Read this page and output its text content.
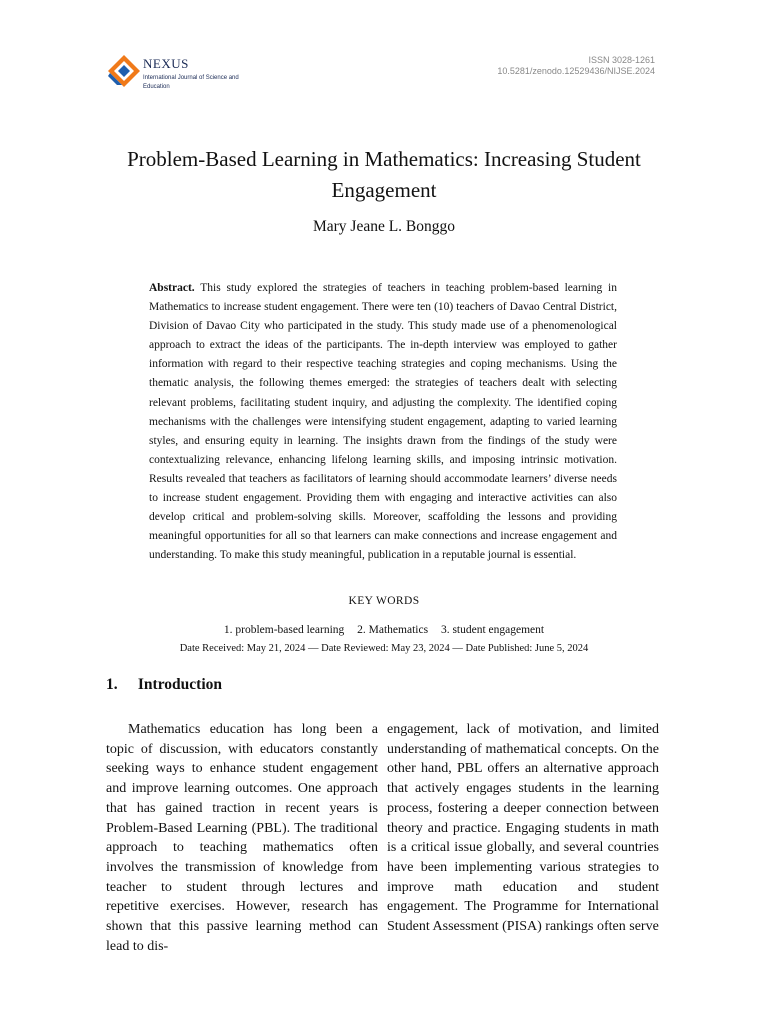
NEXUS
International Journal of Science and Education
ISSN 3028-1261
10.5281/zenodo.12529436/NIJSE.2024
Problem-Based Learning in Mathematics: Increasing Student Engagement
Mary Jeane L. Bonggo
Abstract. This study explored the strategies of teachers in teaching problem-based learning in Mathematics to increase student engagement. There were ten (10) teachers of Davao Central District, Division of Davao City who participated in the study. This study made use of a phenomenological approach to extract the ideas of the participants. The in-depth interview was employed to gather information with regard to their respective teaching strategies and coping mechanisms. Using the thematic analysis, the following themes emerged: the strategies of teachers dealt with selecting relevant problems, facilitating student inquiry, and adjusting the complexity. The identified coping mechanisms with the challenges were intensifying student engagement, adapting to varied learning styles, and ensuring equity in learning. The insights drawn from the findings of the study were contextualizing relevance, enhancing lifelong learning skills, and imposing intrinsic motivation. Results revealed that teachers as facilitators of learning should accommodate learners’ diverse needs to increase student engagement. Providing them with engaging and interactive activities can also develop critical and problem-solving skills. Moreover, scaffolding the lessons and providing meaningful opportunities for all so that learners can make connections and increase engagement and understanding. To make this study meaningful, publication in a reputable journal is essential.
KEY WORDS
1. problem-based learning 2. Mathematics 3. student engagement
Date Received: May 21, 2024 — Date Reviewed: May 23, 2024 — Date Published: June 5, 2024
1. Introduction
Mathematics education has long been a topic of discussion, with educators constantly seeking ways to enhance student engagement and improve learning outcomes. One approach that has gained traction in recent years is Problem-Based Learning (PBL). The traditional approach to teaching mathematics often involves the transmission of knowledge from teacher to student through lectures and repetitive exercises. However, research has shown that this passive learning method can lead to dis-
engagement, lack of motivation, and limited understanding of mathematical concepts. On the other hand, PBL offers an alternative approach that actively engages students in the learning process, fostering a deeper connection between theory and practice. Engaging students in math is a critical issue globally, and several countries have been implementing various strategies to improve math education and student engagement. The Programme for International Student Assessment (PISA) rankings often serve
